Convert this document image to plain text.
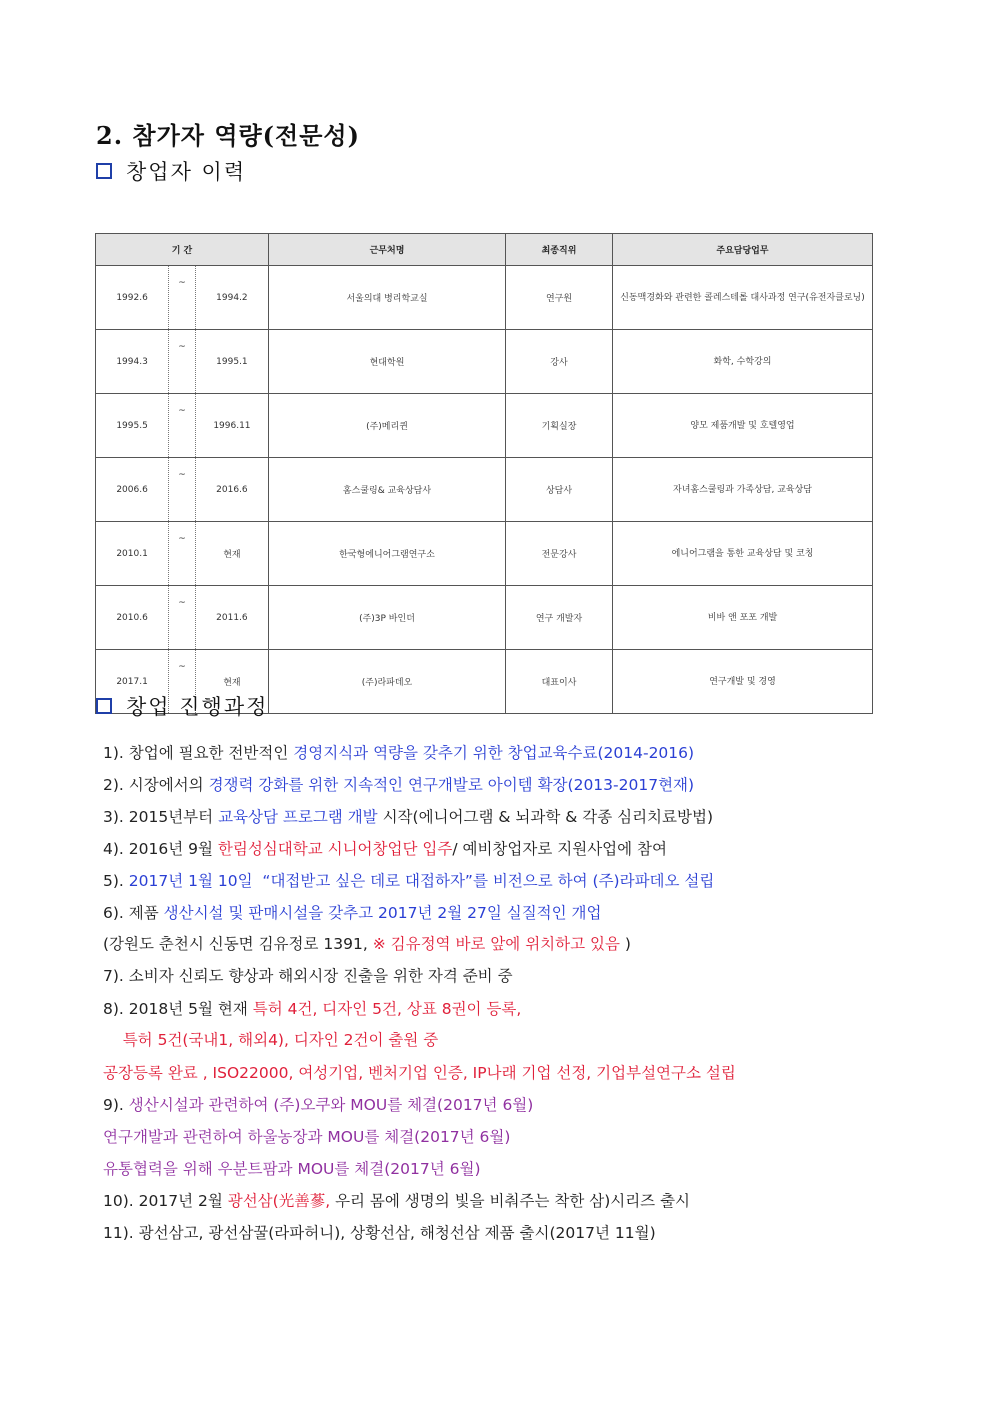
2. 참가자 역량(전문성)
창업자 이력
기 간			근무처명	최종직위	주요담당업무
1992.6	~	1994.2	서울의대 병리학교실	연구원	신동맥경화와 관련한 콜레스테롤 대사과정 연구(유전자클로닝)
1994.3	~	1995.1	현대학원	강사	화학, 수학강의
1995.5	~	1996.11	(주)메리퀸	기획실장	양모 제품개발 및 호텔영업
2006.6	~	2016.6	홈스쿨링& 교육상담사	상담사	자녀홈스쿨링과 가족상담, 교육상담
2010.1	~	현재	한국형에니어그램연구소	전문강사	에니어그램을 통한 교육상담 및 코칭
2010.6	~	2011.6	(주)3P 바인더	연구 개발자	비바 앤 포포 개발
2017.1	~	현재	(주)라파데오	대표이사	연구개발 및 경영
창업 진행과정
1). 창업에 필요한 전반적인 경영지식과 역량을 갖추기 위한 창업교육수료(2014-2016)
2). 시장에서의 경쟁력 강화를 위한 지속적인 연구개발로 아이템 확장(2013-2017현재)
3). 2015년부터 교육상담 프로그램 개발 시작(에니어그램 & 뇌과학 & 각종 심리치료방법)
4). 2016년 9월 한림성심대학교 시니어창업단 입주/ 예비창업자로 지원사업에 참여
5). 2017년 1월 10일  “대접받고 싶은 데로 대접하자”를 비전으로 하여 (주)라파데오 설립
6). 제품 생산시설 및 판매시설을 갖추고 2017년 2월 27일 실질적인 개업
(강원도 춘천시 신동면 김유정로 1391, ※ 김유정역 바로 앞에 위치하고 있음 )
7). 소비자 신뢰도 향상과 해외시장 진출을 위한 자격 준비 중
8). 2018년 5월 현재 특허 4건, 디자인 5건, 상표 8권이 등록,
특허 5건(국내1, 해외4), 디자인 2건이 출원 중
공장등록 완료 , ISO22000, 여성기업, 벤처기업 인증, IP나래 기업 선정, 기업부설연구소 설립
9). 생산시설과 관련하여 (주)오쿠와 MOU를 체결(2017년 6월)
연구개발과 관련하여 하울농장과 MOU를 체결(2017년 6월)
유통협력을 위해 우분트팜과 MOU를 체결(2017년 6월)
10). 2017년 2월 광선삼(光善蔘, 우리 몸에 생명의 빛을 비춰주는 착한 삼)시리즈 출시
11). 광선삼고, 광선삼꿀(라파허니), 상황선삼, 해청선삼 제품 출시(2017년 11월)
